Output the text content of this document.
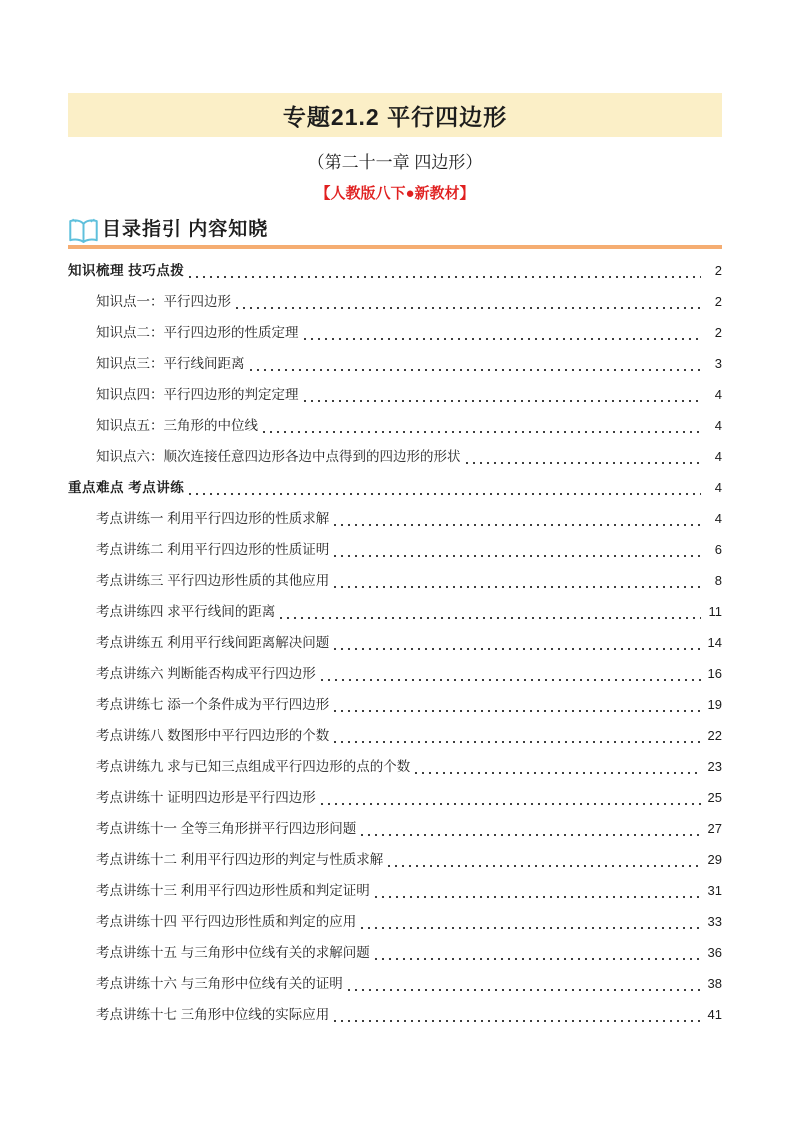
专题21.2 平行四边形
（第二十一章 四边形）
【人教版八下●新教材】
目录指引 内容知晓
知识梳理 技巧点拨	2
知识点一：平行四边形	2
知识点二：平行四边形的性质定理	2
知识点三：平行线间距离	3
知识点四：平行四边形的判定定理	4
知识点五：三角形的中位线	4
知识点六：顺次连接任意四边形各边中点得到的四边形的形状	4
重点难点 考点讲练	4
考点讲练一 利用平行四边形的性质求解	4
考点讲练二 利用平行四边形的性质证明	6
考点讲练三 平行四边形性质的其他应用	8
考点讲练四 求平行线间的距离	11
考点讲练五 利用平行线间距离解决问题	14
考点讲练六 判断能否构成平行四边形	16
考点讲练七 添一个条件成为平行四边形	19
考点讲练八 数图形中平行四边形的个数	22
考点讲练九 求与已知三点组成平行四边形的点的个数	23
考点讲练十 证明四边形是平行四边形	25
考点讲练十一 全等三角形拼平行四边形问题	27
考点讲练十二 利用平行四边形的判定与性质求解	29
考点讲练十三 利用平行四边形性质和判定证明	31
考点讲练十四 平行四边形性质和判定的应用	33
考点讲练十五 与三角形中位线有关的求解问题	36
考点讲练十六 与三角形中位线有关的证明	38
考点讲练十七 三角形中位线的实际应用	41
